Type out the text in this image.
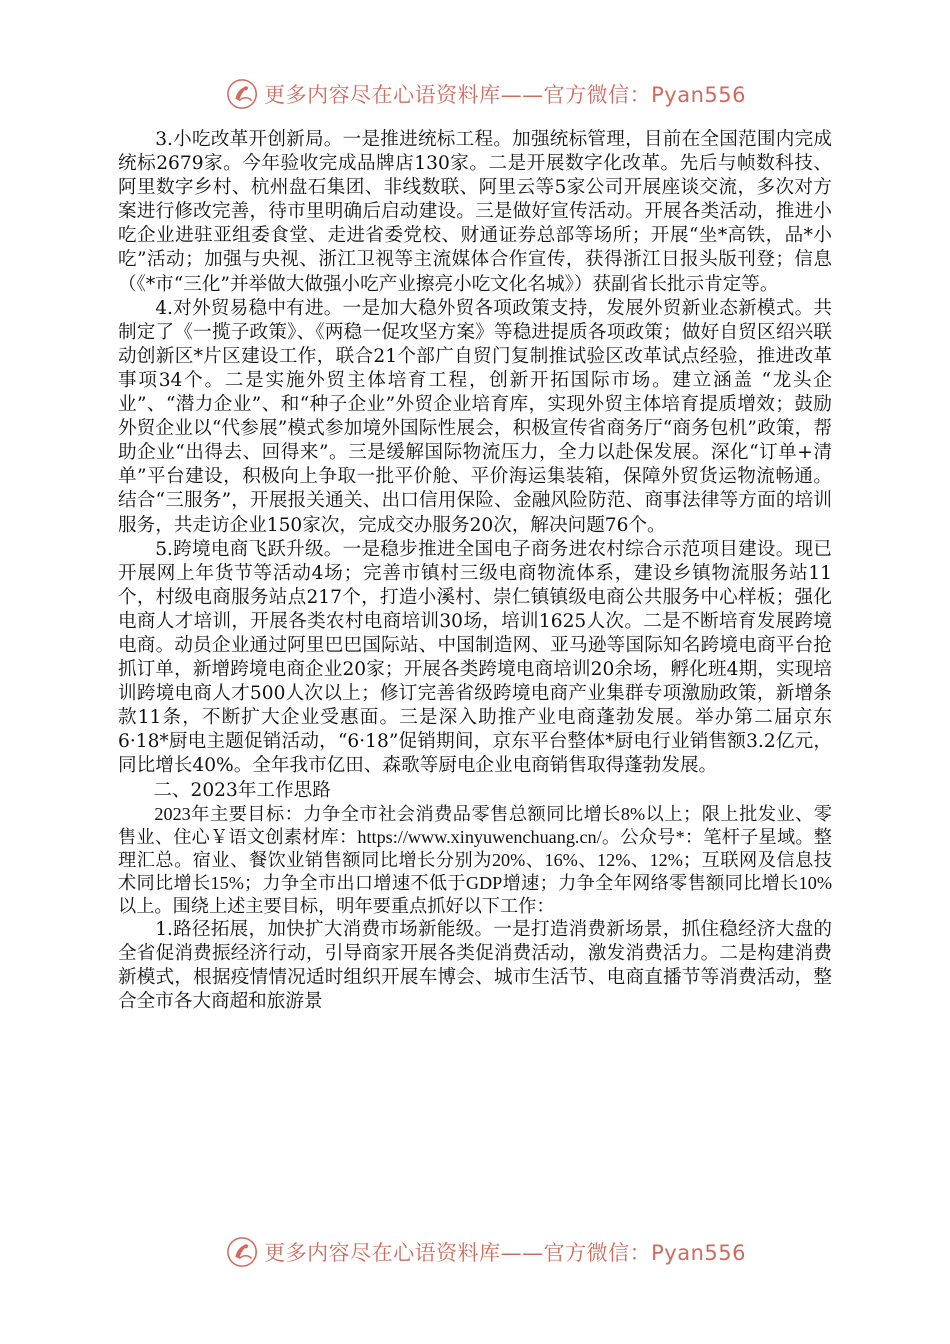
更多内容尽在心语资料库——官方微信：Pyan556

3.小吃改革开创新局。一是推进统标工程。加强统标管理，目前在全国范围内完成统标2679家。今年验收完成品牌店130家。二是开展数字化改革。先后与帧数科技、阿里数字乡村、杭州盘石集团、非线数联、阿里云等5家公司开展座谈交流，多次对方案进行修改完善，待市里明确后启动建设。三是做好宣传活动。开展各类活动，推进小吃企业进驻亚组委食堂、走进省委党校、财通证券总部等场所；开展“坐*高铁，品*小吃”活动；加强与央视、浙江卫视等主流媒体合作宣传，获得浙江日报头版刊登；信息（《*市“三化”并举做大做强小吃产业擦亮小吃文化名城》）获副省长批示肯定等。

4.对外贸易稳中有进。一是加大稳外贸各项政策支持，发展外贸新业态新模式。共制定了《一揽子政策》、《两稳一促攻坚方案》等稳进提质各项政策；做好自贸区绍兴联动创新区*片区建设工作，联合21个部广自贸门复制推试验区改革试点经验，推进改革事项34个。二是实施外贸主体培育工程，创新开拓国际市场。建立涵盖 “龙头企业”、“潜力企业”、和“种子企业”外贸企业培育库，实现外贸主体培育提质增效；鼓励外贸企业以“代参展”模式参加境外国际性展会，积极宣传省商务厅“商务包机”政策，帮助企业“出得去、回得来”。三是缓解国际物流压力，全力以赴保发展。深化“订单+清单”平台建设，积极向上争取一批平价舱、平价海运集装箱，保障外贸货运物流畅通。结合“三服务”，开展报关通关、出口信用保险、金融风险防范、商事法律等方面的培训服务，共走访企业150家次，完成交办服务20次，解决问题76个。

5.跨境电商飞跃升级。一是稳步推进全国电子商务进农村综合示范项目建设。现已开展网上年货节等活动4场；完善市镇村三级电商物流体系，建设乡镇物流服务站11个，村级电商服务站点217个，打造小溪村、崇仁镇镇级电商公共服务中心样板；强化电商人才培训，开展各类农村电商培训30场，培训1625人次。二是不断培育发展跨境电商。动员企业通过阿里巴巴国际站、中国制造网、亚马逊等国际知名跨境电商平台抢抓订单，新增跨境电商企业20家；开展各类跨境电商培训20余场，孵化班4期，实现培训跨境电商人才500人次以上；修订完善省级跨境电商产业集群专项激励政策，新增条款11条，不断扩大企业受惠面。三是深入助推产业电商蓬勃发展。举办第二届京东6·18*厨电主题促销活动，“6·18”促销期间，京东平台整体*厨电行业销售额3.2亿元，同比增长40%。全年我市亿田、森歌等厨电企业电商销售取得蓬勃发展。

二、2023年工作思路

2023年主要目标：力争全市社会消费品零售总额同比增长8%以上；限上批发业、零售业、住心￥语文创素材库：https://www.xinyuwenchuang.cn/。公众号*：笔杆子星域。整理汇总。宿业、餐饮业销售额同比增长分别为20%、16%、12%、12%；互联网及信息技术同比增长15%；力争全市出口增速不低于GDP增速；力争全年网络零售额同比增长10%以上。围绕上述主要目标，明年要重点抓好以下工作：

1.路径拓展，加快扩大消费市场新能级。一是打造消费新场景，抓住稳经济大盘的全省促消费振经济行动，引导商家开展各类促消费活动，激发消费活力。二是构建消费新模式，根据疫情情况适时组织开展车博会、城市生活节、电商直播节等消费活动，整合全市各大商超和旅游景

更多内容尽在心语资料库——官方微信：Pyan556
